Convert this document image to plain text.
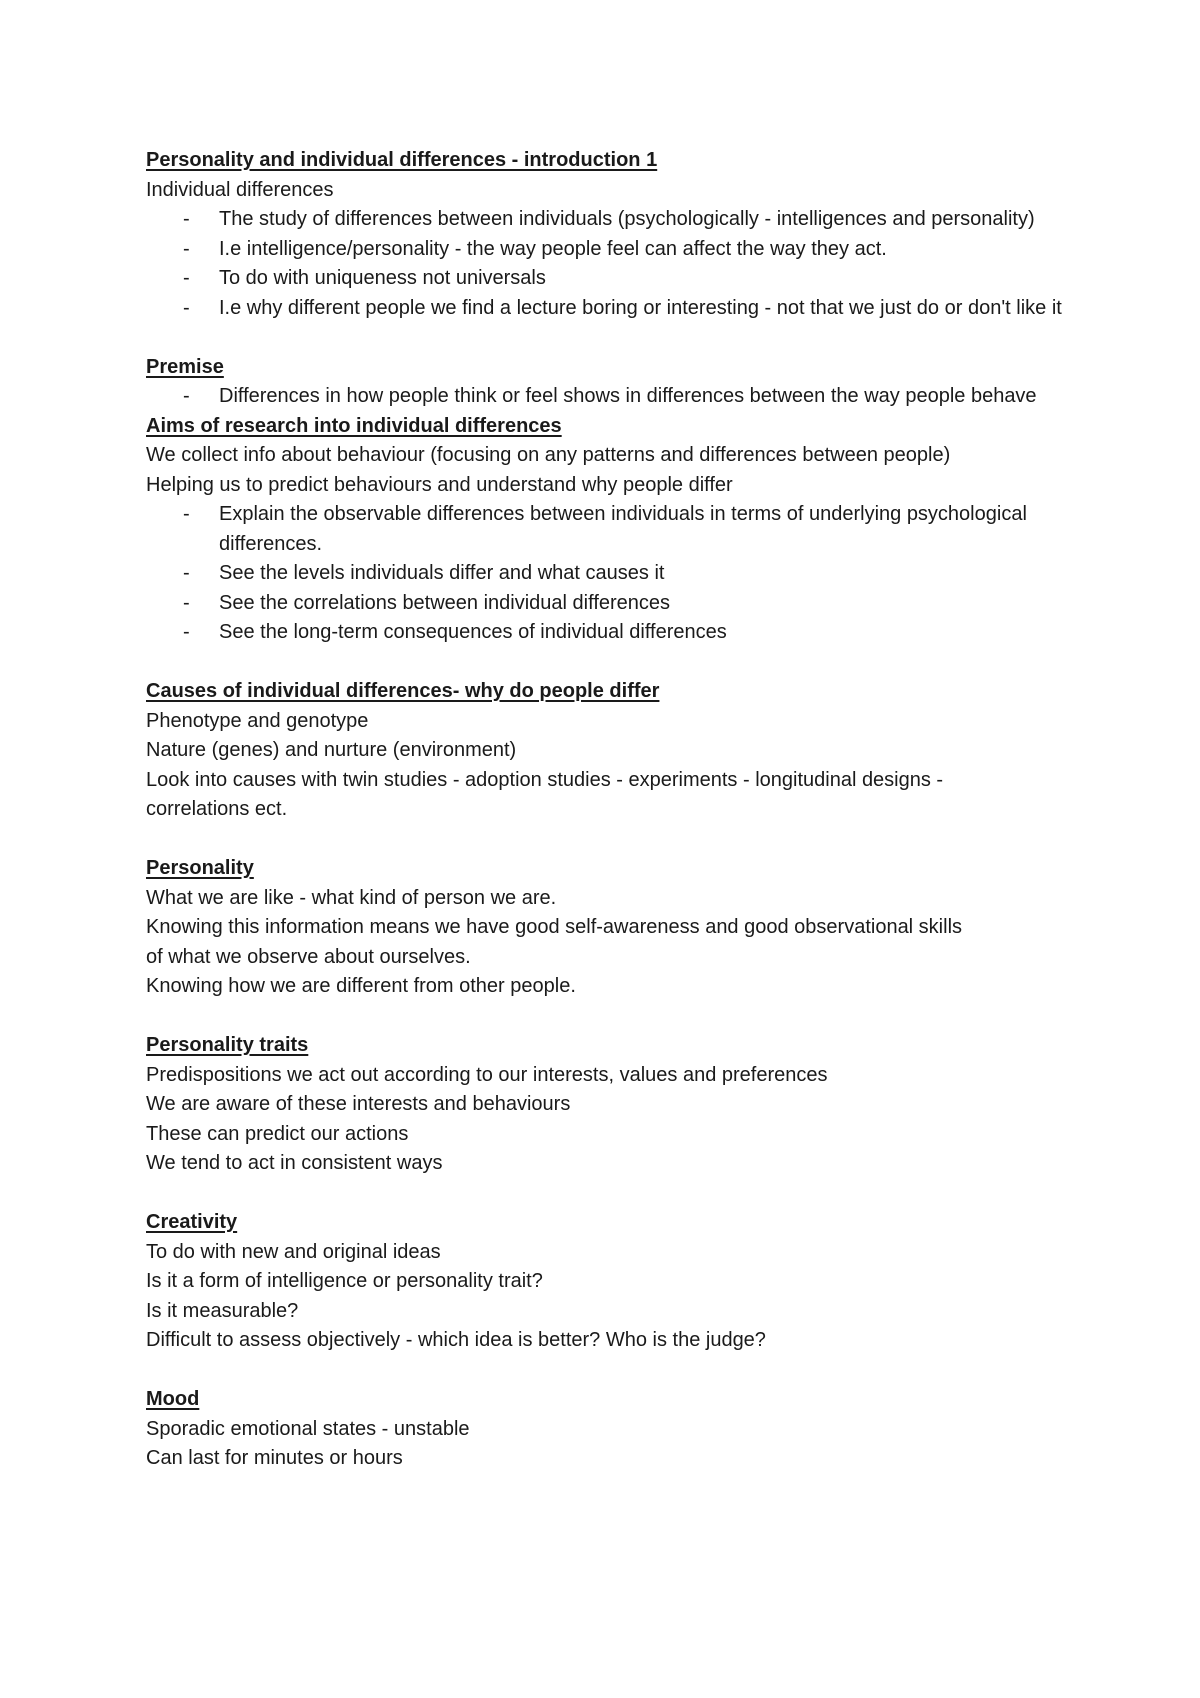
Personality and individual differences - introduction 1
Individual differences
- The study of differences between individuals (psychologically - intelligences and personality)
- I.e intelligence/personality - the way people feel can affect the way they act.
- To do with uniqueness not universals
- I.e why different people we find a lecture boring or interesting - not that we just do or don't like it
Premise
- Differences in how people think or feel shows in differences between the way people behave
Aims of research into individual differences
We collect info about behaviour (focusing on any patterns and differences between people)
Helping us to predict behaviours and understand why people differ
- Explain the observable differences between individuals in terms of underlying psychological differences.
- See the levels individuals differ and what causes it
- See the correlations between individual differences
- See the long-term consequences of individual differences
Causes of individual differences- why do people differ
Phenotype and genotype
Nature (genes) and nurture (environment)
Look into causes with twin studies - adoption studies - experiments - longitudinal designs -
correlations ect.
Personality
What we are like - what kind of person we are.
Knowing this information means we have good self-awareness and good observational skills
of what we observe about ourselves.
Knowing how we are different from other people.
Personality traits
Predispositions we act out according to our interests, values and preferences
We are aware of these interests and behaviours
These can predict our actions
We tend to act in consistent ways
Creativity
To do with new and original ideas
Is it a form of intelligence or personality trait?
Is it measurable?
Difficult to assess objectively - which idea is better? Who is the judge?
Mood
Sporadic emotional states - unstable
Can last for minutes or hours
